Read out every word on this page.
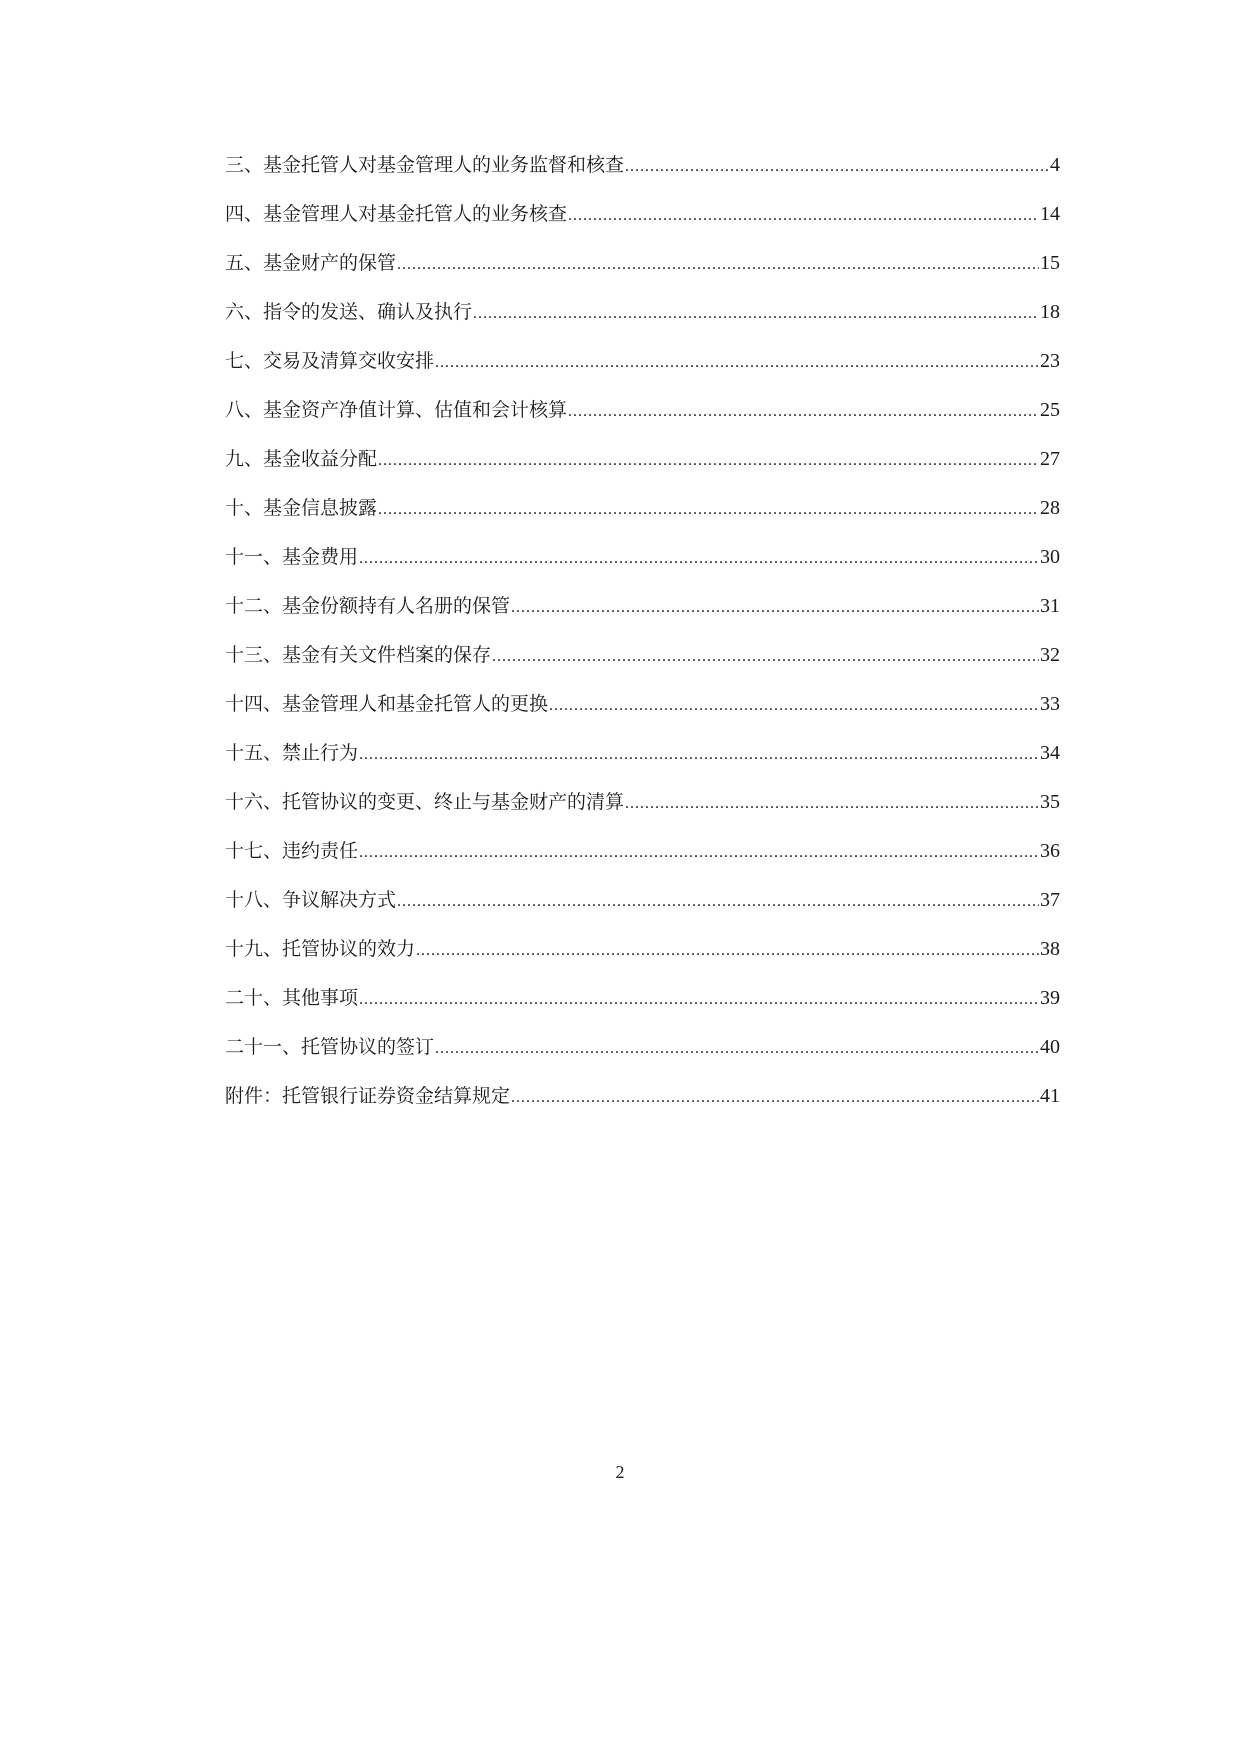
三、基金托管人对基金管理人的业务监督和核查 .....	4
四、基金管理人对基金托管人的业务核查 .....	14
五、基金财产的保管 .....	15
六、指令的发送、确认及执行 .....	18
七、交易及清算交收安排 .....	23
八、基金资产净值计算、估值和会计核算 .....	25
九、基金收益分配 .....	27
十、基金信息披露 .....	28
十一、基金费用 .....	30
十二、基金份额持有人名册的保管 .....	31
十三、基金有关文件档案的保存 .....	32
十四、基金管理人和基金托管人的更换 .....	33
十五、禁止行为 .....	34
十六、托管协议的变更、终止与基金财产的清算 .....	35
十七、违约责任 .....	36
十八、争议解决方式 .....	37
十九、托管协议的效力 .....	38
二十、其他事项 .....	39
二十一、托管协议的签订 .....	40
附件：托管银行证券资金结算规定 .....	41
2
